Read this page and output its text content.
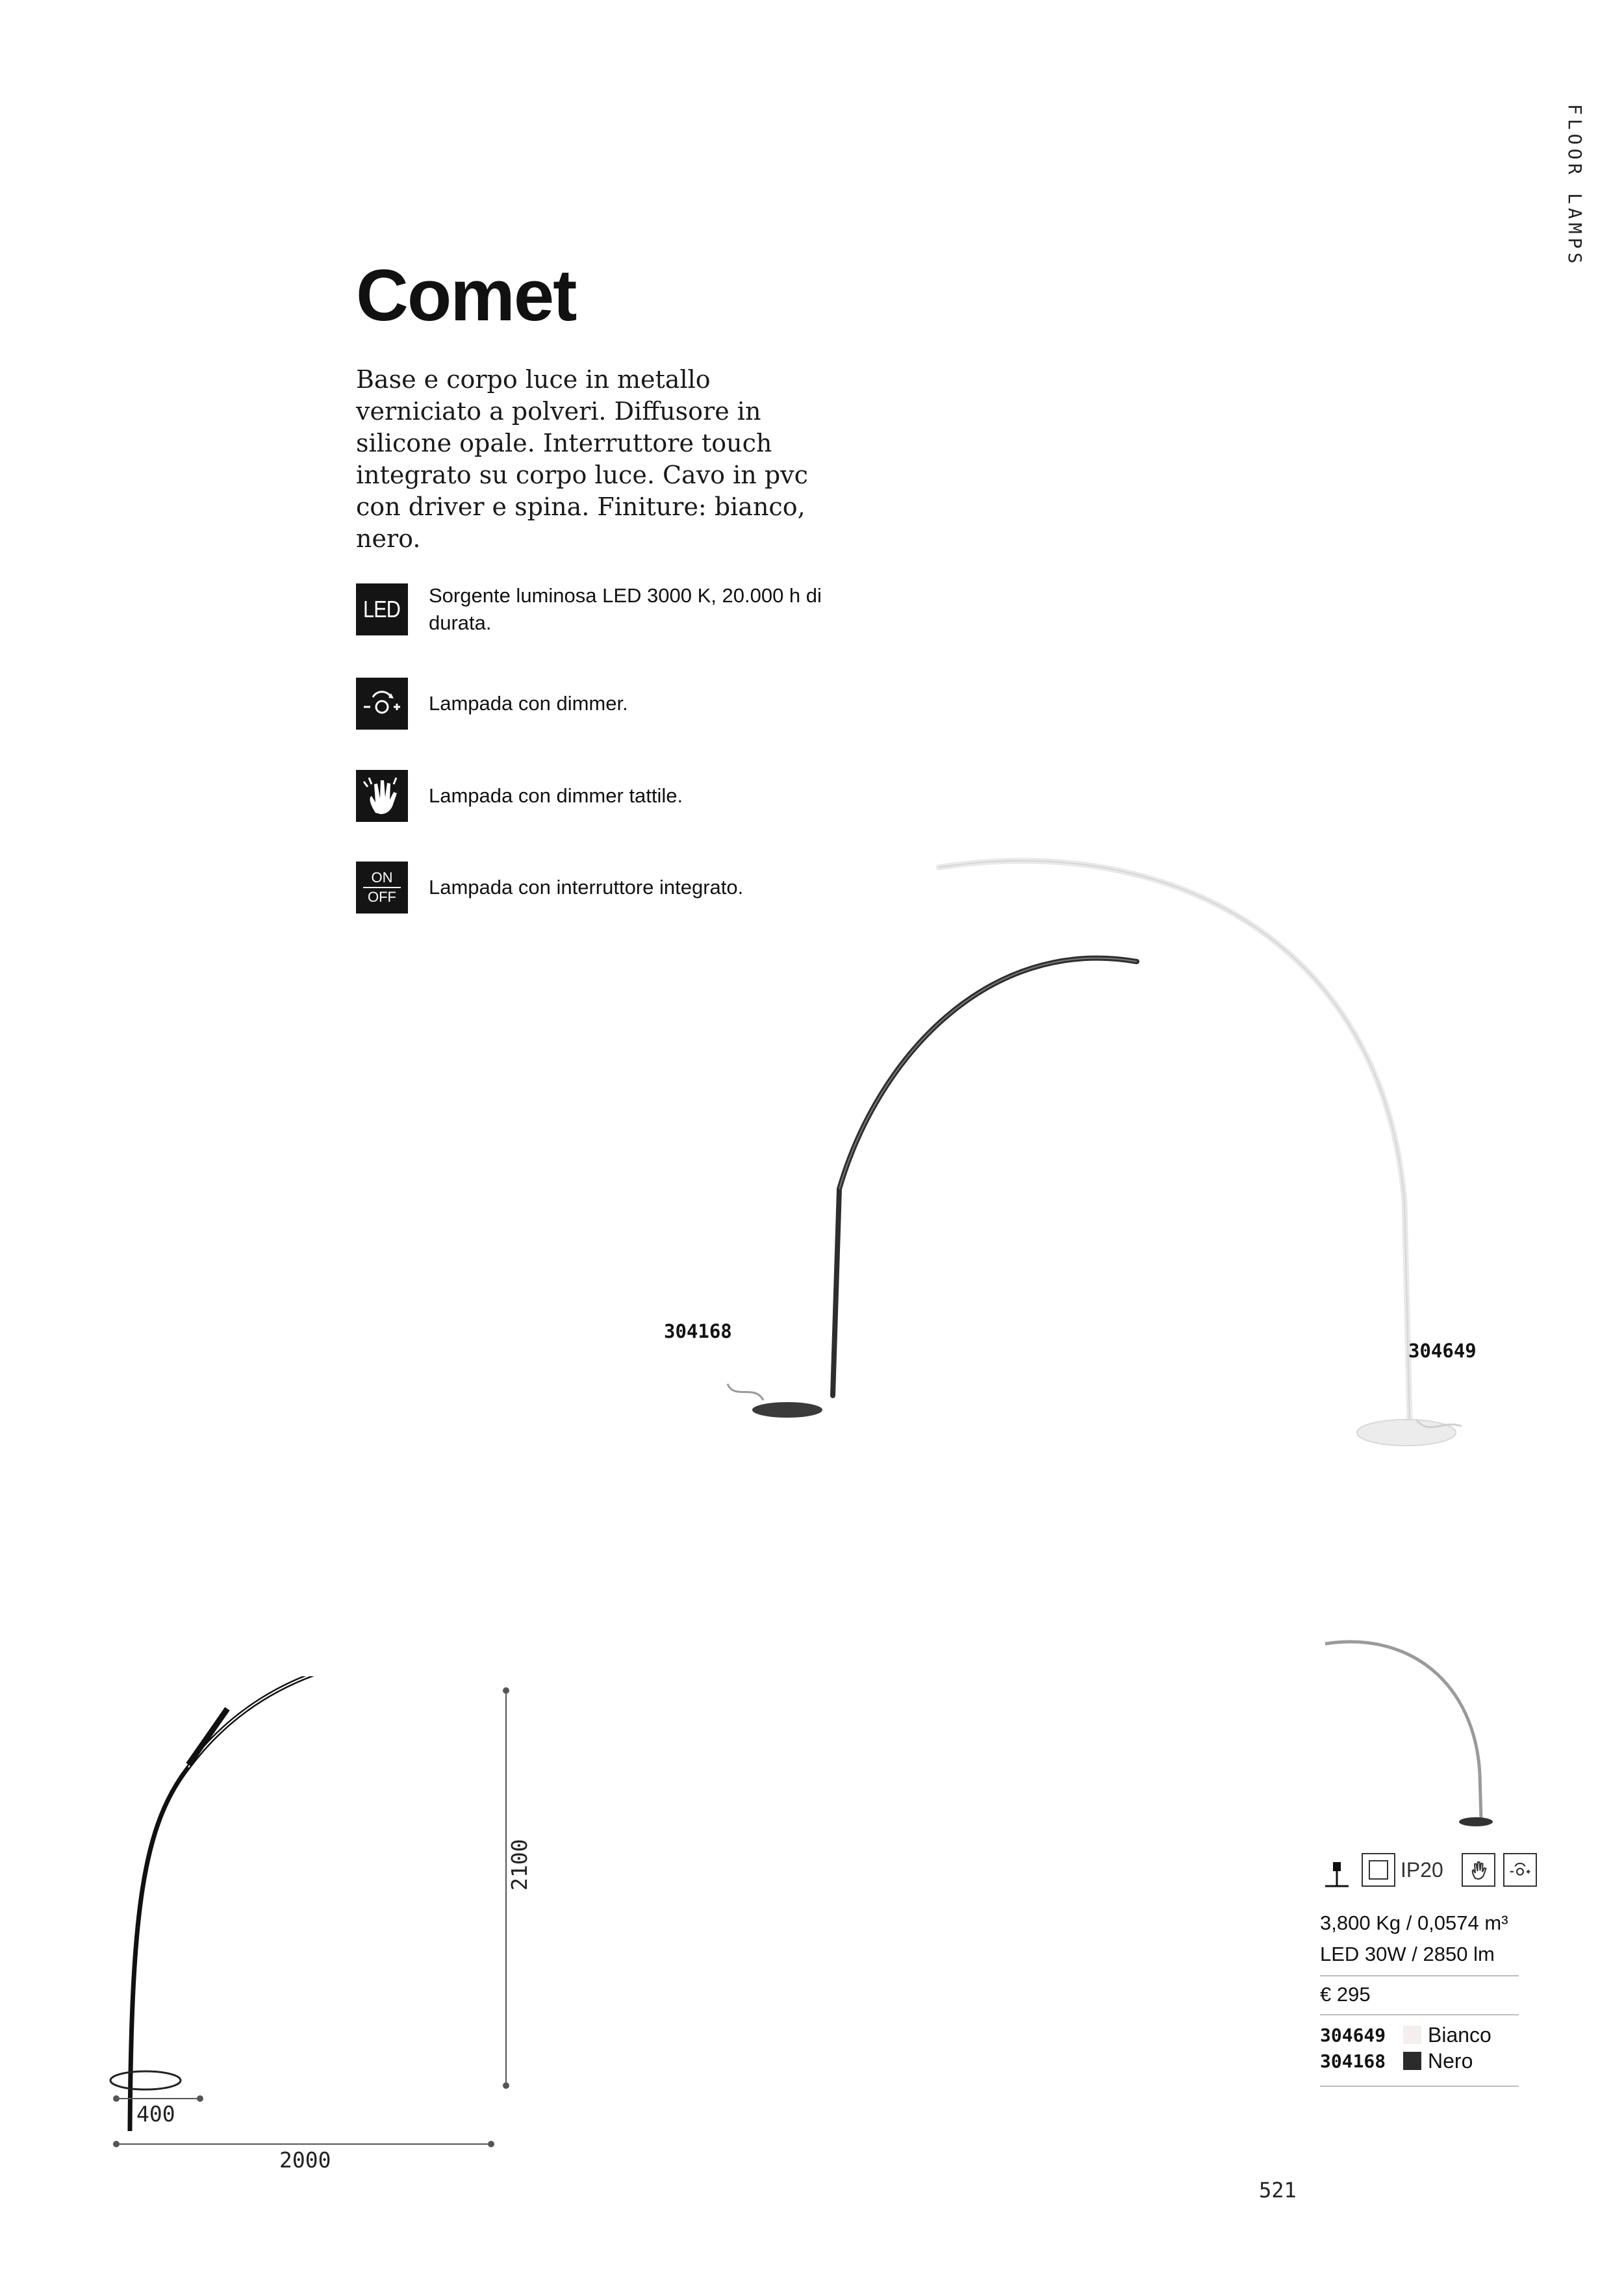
FLOOR LAMPS
Comet

Base e corpo luce in metallo verniciato a polveri. Diffusore in silicone opale. Interruttore touch integrato su corpo luce. Cavo in pvc con driver e spina. Finiture: bianco, nero.

LED
Sorgente luminosa LED 3000 K, 20.000 h di durata.
Lampada con dimmer.
Lampada con dimmer tattile.
ON
OFF Lampada con interruttore integrato.
304168
304649
2100
400
2000
IP20
3,800 Kg / 0,0574 m³
LED 30W / 2850 lm
€ 295
304649 Bianco
304168 Nero
521
